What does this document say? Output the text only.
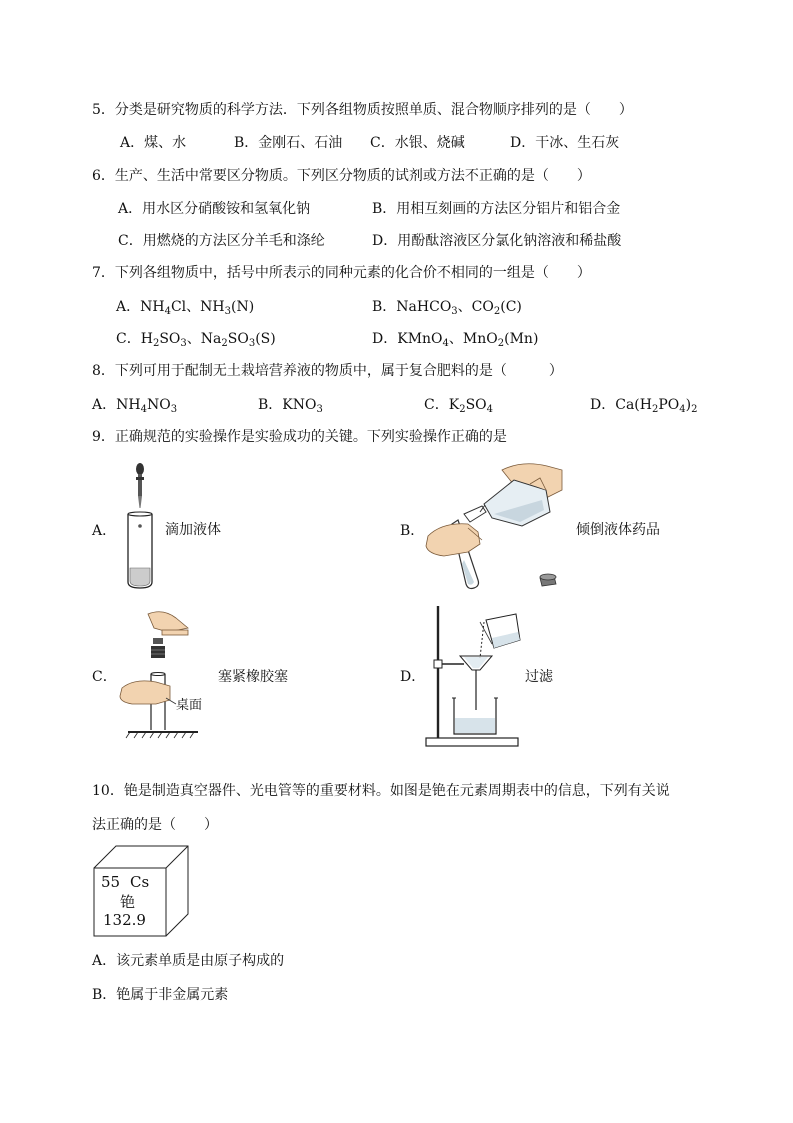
5．分类是研究物质的科学方法．下列各组物质按照单质、混合物顺序排列的是（　　）
A．煤、水	B．金刚石、石油 C．水银、烧碱	D．干冰、生石灰
6．生产、生活中常要区分物质。下列区分物质的试剂或方法不正确的是（　　）
A．用水区分硝酸铵和氢氧化钠	B．用相互刻画的方法区分铝片和铝合金
C．用燃烧的方法区分羊毛和涤纶	D．用酚酞溶液区分氯化钠溶液和稀盐酸
7．下列各组物质中，括号中所表示的同种元素的化合价不相同的一组是（　　）
A．$NH_4Cl$、$NH_3(N)$	B．NaHCO$_3$、$CO_2(C)$
C．$H_2SO_3$、$Na_2SO_3(S)$	D．KMnO$_4$、MnO$_2$(Mn)
8．下列可用于配制无土栽培营养液的物质中，属于复合肥料的是（　　　）
A．$NH_4NO_3$	B．$KNO_3$	C．$K_2SO_4$	D．$Ca(H_2PO_4)_2$
9．正确规范的实验操作是实验成功的关键。下列实验操作正确的是
A．	滴加液体	B．	倾倒液体药品
C．
桌面
塞紧橡胶塞	D．	过滤
10．铯是制造真空器件、光电管等的重要材料。如图是铯在元素周期表中的信息，下列有关说
法正确的是（　　）
55 Cs
铯
132.9
A．该元素单质是由原子构成的
B．铯属于非金属元素
